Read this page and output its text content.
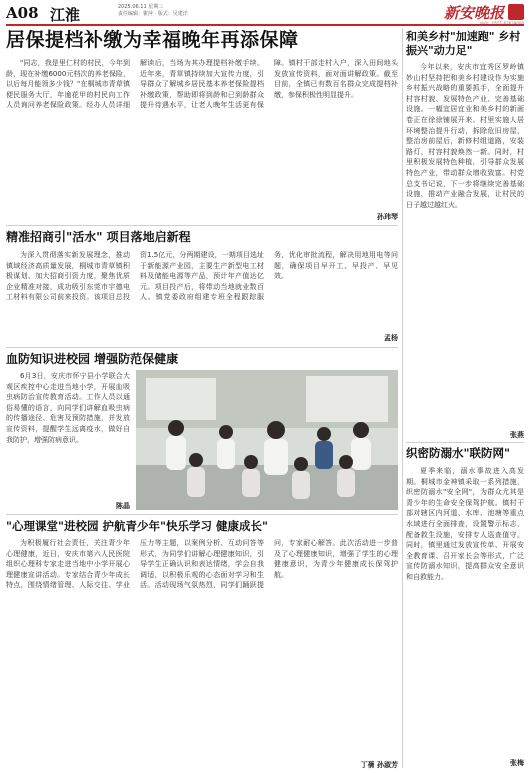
A08 江淮	2025.06.11 星期三
责任编辑：瞿萍 · 版式：吴建洋	新安晚报
居保提档补缴为幸福晚年再添保障
"同志，我是里仁村的村民，今年到龄，现在补缴6000元档次的养老保险，以后每月能领多少钱？"在桐城市青草镇便民服务大厅，年逾花甲的村民向工作人员询问养老保险政策。经办人员详细解读后，当场为其办理提档补缴手续。近年来，青草镇持续加大宣传力度，引导群众了解城乡居民基本养老保险提档补缴政策，帮助即将到龄和已到龄群众提升待遇水平，让老人晚年生活更有保障。镇村干部走村入户，深入田间地头发放宣传资料，面对面讲解政策。截至目前，全镇已有数百名群众完成提档补缴，参保积极性明显提升。
孙玮琴
精准招商引"活水" 项目落地启新程
为深入贯彻落实新发展理念，推动镇域经济高质量发展，桐城市青草镇积极谋划、加大招商引资力度，聚焦优质企业精准对接，成功吸引东莞市宇德电工材料有限公司前来投资。该项目总投资1.5亿元，分两期建设，一期项目选址于新能源产业园，主要生产新型电工材料及储能电源等产品，预计年产值达亿元。项目投产后，将带动当地就业数百人。镇党委政府组建专班全程跟踪服务，优化审批流程，解决用地用电等问题，确保项目早开工、早投产、早见效。
孟杨
血防知识进校园 增强防范保健康
6月3日，安庆市怀宁县小学联合大观区疾控中心走进当地小学，开展血吸虫病防治宣传教育活动。工作人员以通俗易懂的语言，向同学们讲解血吸虫病的传播途径、危害及预防措施，并发放宣传资料，提醒学生远离疫水，做好自我防护，增强防病意识。
陈晶
"心理课堂"进校园 护航青少年"快乐学习 健康成长"
为积极履行社会责任，关注青少年心理健康，近日，安庆市第六人民医院组织心理科专家走进当地中小学开展心理健康宣讲活动。专家结合青少年成长特点，围绕情绪管理、人际交往、学业压力等主题，以案例分析、互动问答等形式，为同学们讲解心理健康知识，引导学生正确认识和表达情绪，学会自我调适，以积极乐观的心态面对学习和生活。活动现场气氛热烈，同学们踊跃提问，专家耐心解答。此次活动进一步普及了心理健康知识，增强了学生的心理健康意识，为青少年健康成长保驾护航。
丁蒨 孙淑芳
和美乡村"加速跑" 乡村振兴"动力足"
今年以来，安庆市宜秀区罗岭镇妙山村坚持把和美乡村建设作为实施乡村振兴战略的重要抓手，全面提升村容村貌、发展特色产业、完善基础设施。一幅宜居宜业和美乡村的新画卷正在徐徐铺展开来。村里实施人居环境整治提升行动，拆除危旧房屋，整治房前屋后，新修村组道路，安装路灯，村容村貌焕然一新。同时，村里积极发展特色种植，引导群众发展特色产业，带动群众增收致富。村党总支书记说，下一步将继续完善基础设施，推动产业融合发展，让村民的日子越过越红火。
张燕
织密防溺水"联防网"
夏季来临，溺水事故进入高发期。桐城市金神镇采取一系列措施，织密防溺水"安全网"，为群众尤其是青少年的生命安全保驾护航。镇村干部对辖区内河道、水库、池塘等重点水域进行全面排查，设置警示标志，配备救生设施，安排专人巡查值守。同时，镇里通过发放宣传单、开展安全教育课、召开家长会等形式，广泛宣传防溺水知识，提高群众安全意识和自救能力。
张梅
